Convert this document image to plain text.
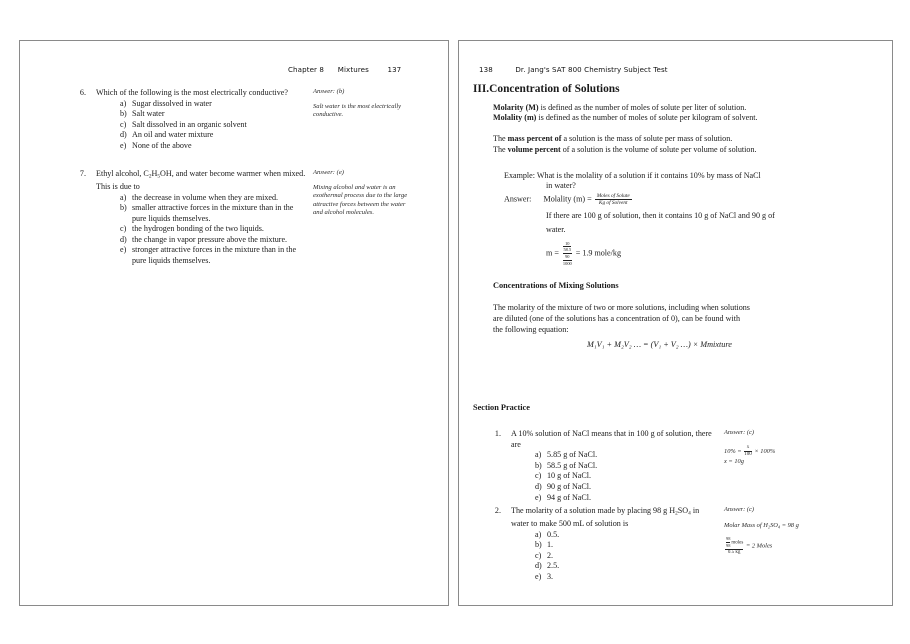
Chapter 8 Mixtures	137
6. Which of the following is the most electrically conductive?
a) Sugar dissolved in water
b) Salt water
c) Salt dissolved in an organic solvent
d) An oil and water mixture
e) None of the above
Answer: (b)
Salt water is the most electrically conductive.
7. Ethyl alcohol, $C_2H_5OH$, and water become warmer when mixed. This is due to
a) the decrease in volume when they are mixed.
b) smaller attractive forces in the mixture than in the pure liquids themselves.
c) the hydrogen bonding of the two liquids.
d) the change in vapor pressure above the mixture.
e) stronger attractive forces in the mixture than in the pure liquids themselves.
Answer: (e)
Mixing alcohol and water is an exothermal process due to the large attractive forces between the water and alcohol molecules.
138	Dr. Jang's SAT 800 Chemistry Subject Test
III.Concentration of Solutions
Molarity (M) is defined as the number of moles of solute per liter of solution.
Molality (m) is defined as the number of moles of solute per kilogram of solvent.
The mass percent of a solution is the mass of solute per mass of solution.
The volume percent of a solution is the volume of solute per volume of solution.
Example: What is the molality of a solution if it contains 10% by mass of NaCl
in water?
Answer: Molality $(m) = \frac{\text{Moles of Solute}}{\text{Kg of Solvent}}$
If there are 100 g of solution, then it contains 10 g of NaCl and 90 g of
water.
$m = \frac{\frac{10}{58.5}}{\frac{90}{1000}} = 1.9$ mole/kg
Concentrations of Mixing Solutions
The molarity of the mixture of two or more solutions, including when solutions
are diluted (one of the solutions has a concentration of 0), can be found with
the following equation:
M₁V₁ + M₂V₂ … = (V₁ + V₂ …) × Mmixture
Section Practice
1. A 10% solution of NaCl means that in 100 g of solution, there are
a) 5.85 g of NaCl.
b) 58.5 g of NaCl.
c) 10 g of NaCl.
d) 90 g of NaCl.
e) 94 g of NaCl.
Answer: (c)
$10\% = \frac{x}{100} \times 100\%$
x = 10g
2. The molarity of a solution made by placing 98 g $H_2SO_4$ in water to make 500 mL of solution is
a) 0.5.
b) 1.
c) 2.
d) 2.5.
e) 3.
Answer: (c)
Molar Mass of H₂SO₄ = 98 g
$\frac{\frac{98}{98} moles}{0.5 kg} = 2$ Moles
